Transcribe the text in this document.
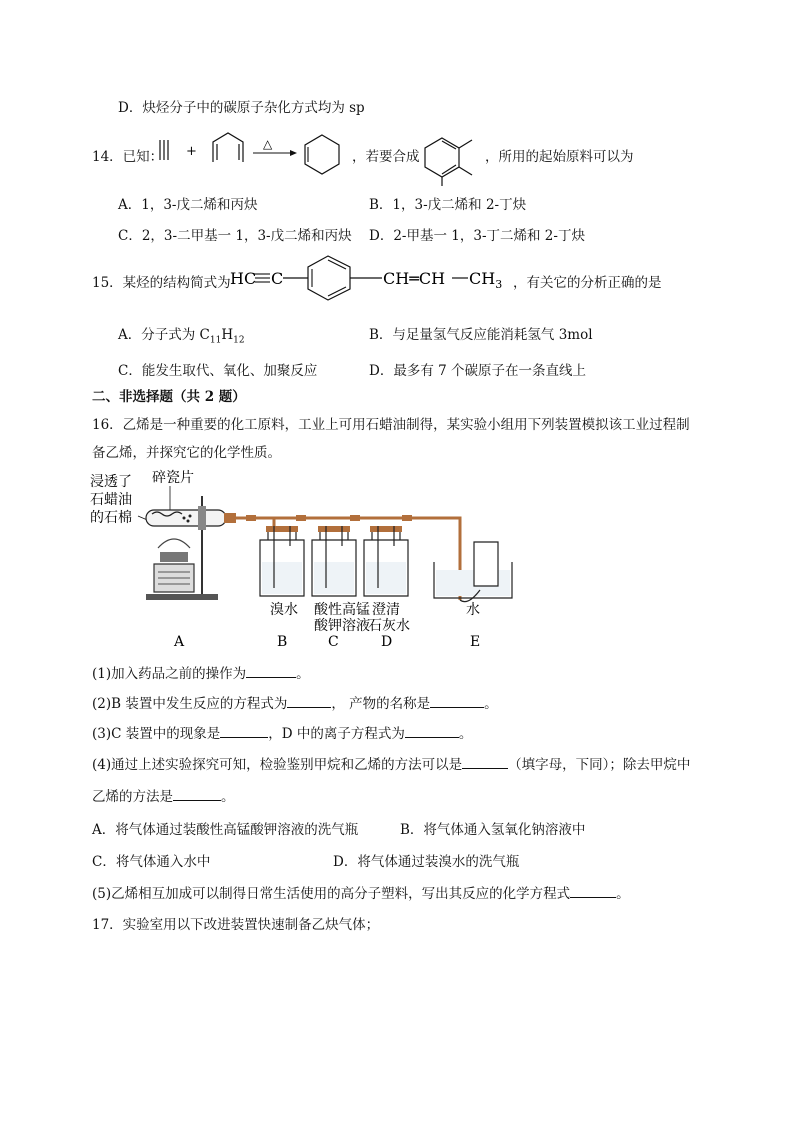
D．炔烃分子中的碳原子杂化方式均为 sp
14．已知： +	△
，若要合成	，所用的起始原料可以为
A．1，3-戊二烯和丙炔	B．1，3-戊二烯和 2-丁炔
C．2，3-二甲基一 1，3-戊二烯和丙炔 D．2-甲基一 1，3-丁二烯和 2-丁炔
15．某烃的结构简式为 HC C	CH═CH $CH_3$ ，有关它的分析正确的是
A．分子式为 $C_{11}H_{12}$	B．与足量氢气反应能消耗氢气 3mol
C．能发生取代、氧化、加聚反应	D．最多有 7 个碳原子在一条直线上
二、非选择题（共 2 题）
16．乙烯是一种重要的化工原料，工业上可用石蜡油制得，某实验小组用下列装置模拟该工业过程制
备乙烯，并探究它的化学性质。
浸透了
石蜡油
的石棉
碎瓷片
溴水 酸性高锰
酸钾溶液
澄清
石灰水
水
A	B	C	D	E
(1)加入药品之前的操作为	。
(2)B 装置中发生反应的方程式为	， 产物的名称是	。
(3)C 装置中的现象是	，D 中的离子方程式为	。
(4)通过上述实验探究可知，检验鉴别甲烷和乙烯的方法可以是	（填字母，下同）；除去甲烷中
乙烯的方法是	。
A．将气体通过装酸性高锰酸钾溶液的洗气瓶	B．将气体通入氢氧化钠溶液中
C．将气体通入水中	D．将气体通过装溴水的洗气瓶
(5)乙烯相互加成可以制得日常生活使用的高分子塑料，写出其反应的化学方程式	。
17．实验室用以下改进装置快速制备乙炔气体；
